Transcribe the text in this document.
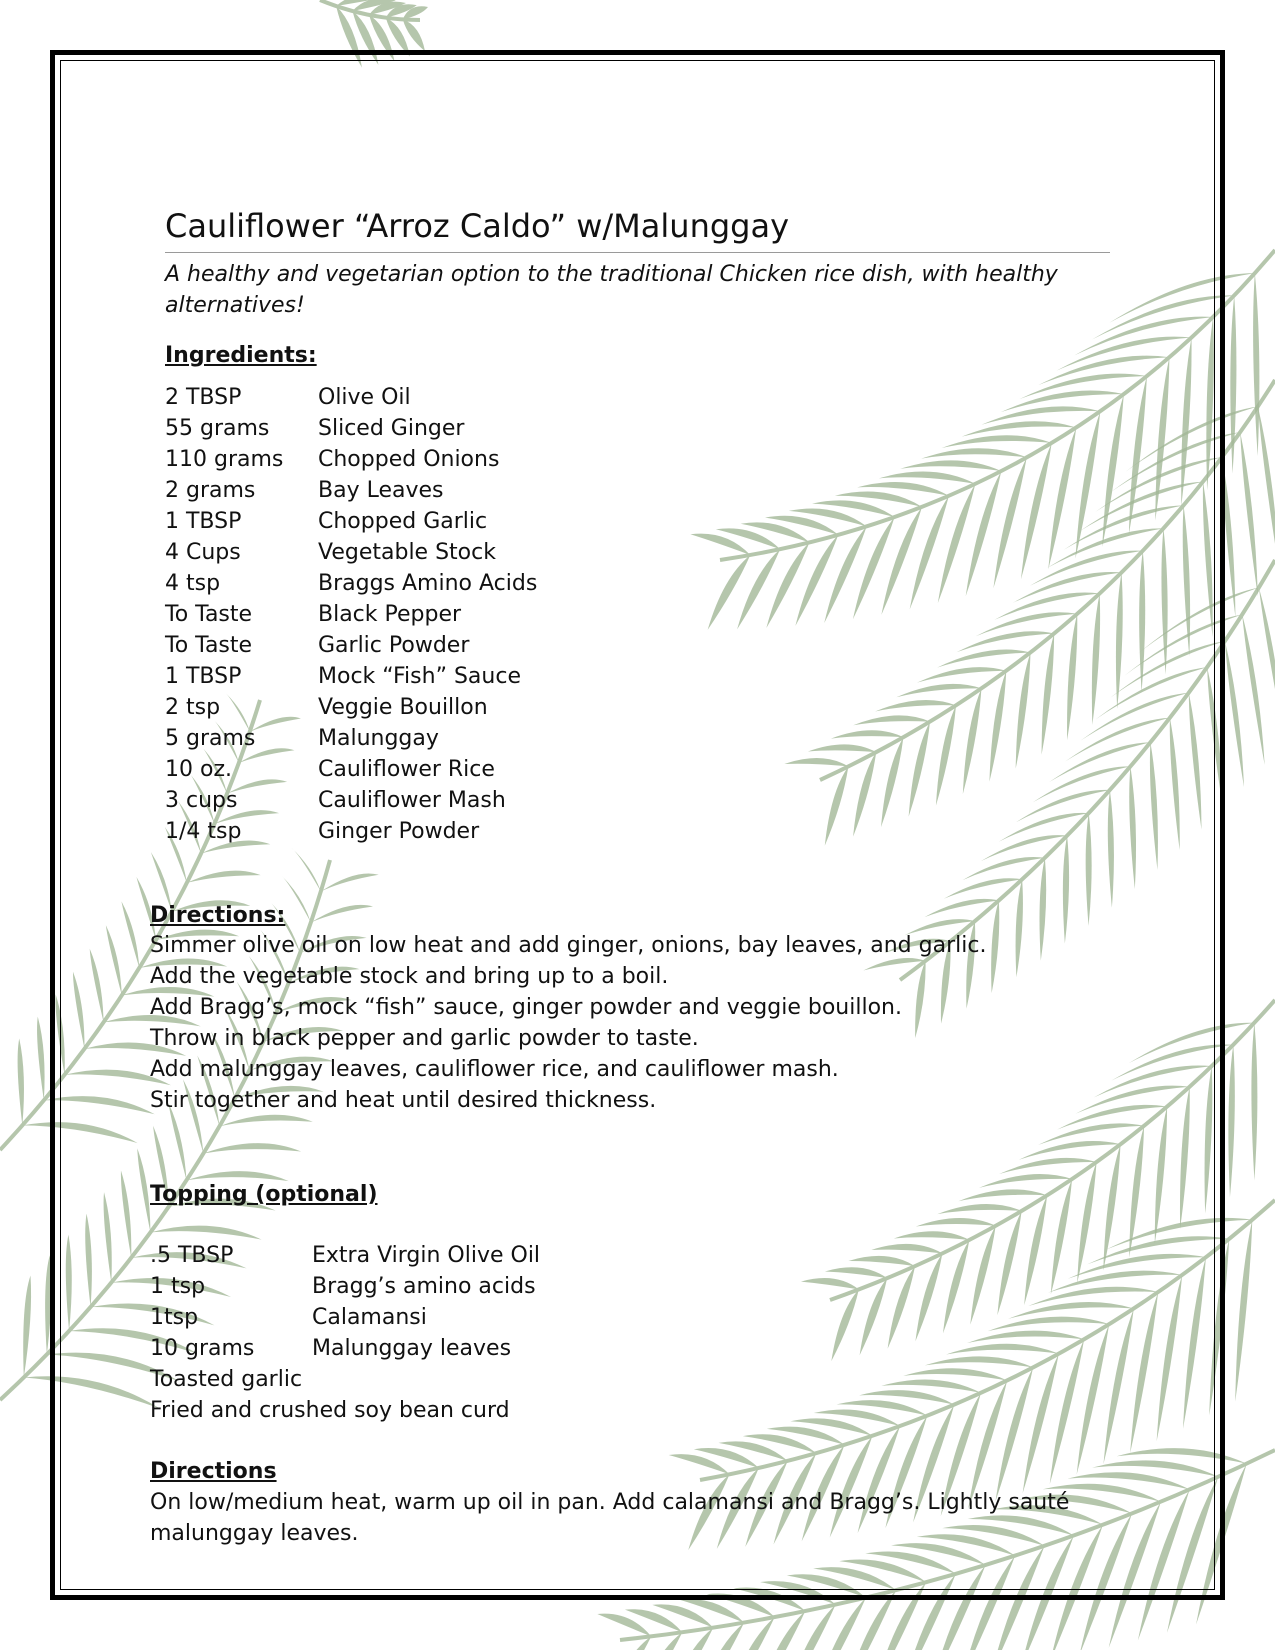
Cauliflower “Arroz Caldo” w/Malunggay
A healthy and vegetarian option to the traditional Chicken rice dish, with healthy alternatives!
Ingredients:
2 TBSP	Olive Oil
55 grams Sliced Ginger
110 grams Chopped Onions
2 grams	Bay Leaves
1 TBSP	Chopped Garlic
4 Cups	Vegetable Stock
4 tsp	Braggs Amino Acids
To Taste	Black Pepper
To Taste	Garlic Powder
1 TBSP	Mock “Fish” Sauce
2 tsp	Veggie Bouillon
5 grams	Malunggay
10 oz.	Cauliflower Rice
3 cups	Cauliflower Mash
1/4 tsp	Ginger Powder
Directions:
Simmer olive oil on low heat and add ginger, onions, bay leaves, and garlic.
Add the vegetable stock and bring up to a boil.
Add Bragg’s, mock “fish” sauce, ginger powder and veggie bouillon.
Throw in black pepper and garlic powder to taste.
Add malunggay leaves, cauliflower rice, and cauliflower mash.
Stir together and heat until desired thickness.
Topping (optional)
.5 TBSP	Extra Virgin Olive Oil
1 tsp	Bragg’s amino acids
1tsp	Calamansi
10 grams	Malunggay leaves
Toasted garlic
Fried and crushed soy bean curd
Directions
On low/medium heat, warm up oil in pan. Add calamansi and Bragg’s. Lightly sauté malunggay leaves.
